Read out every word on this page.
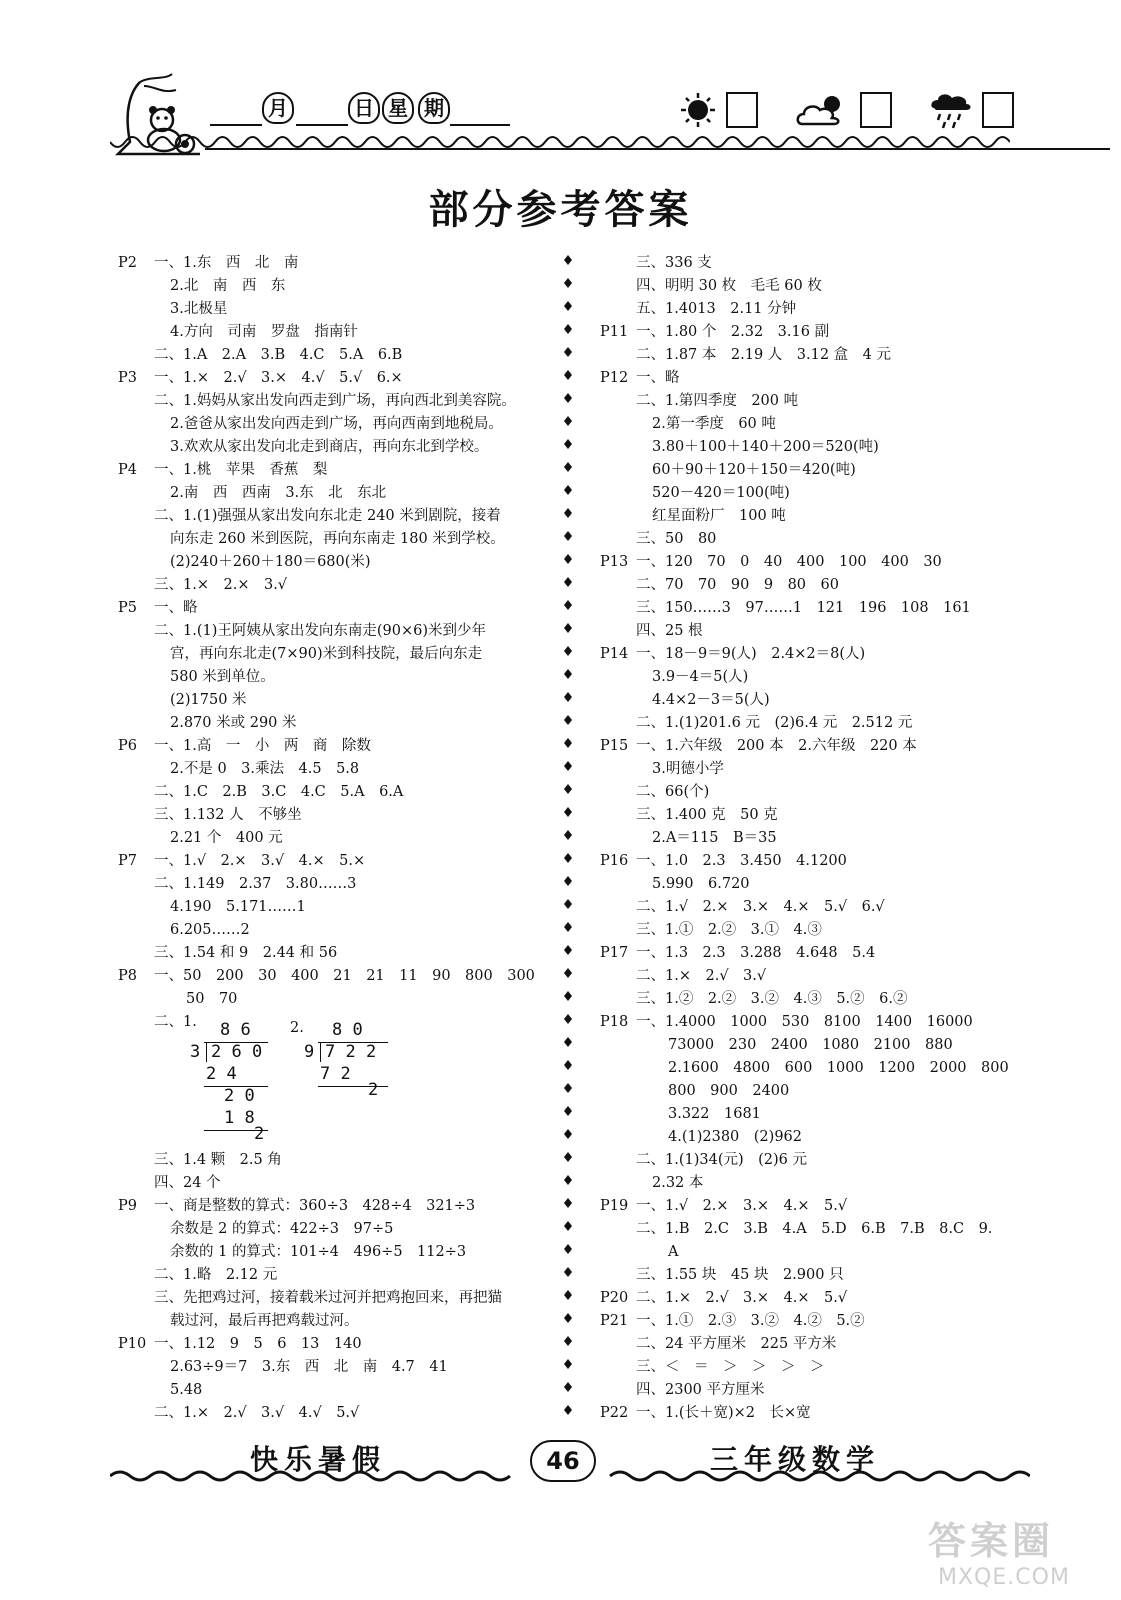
月	日 星 期
部分参考答案
P2 一、1.东　西　北　南
2.北　南　西　东
3.北极星
4.方向　司南　罗盘　指南针
二、1.A　2.A　3.B　4.C　5.A　6.B
P3 一、1.×　2.√　3.×　4.√　5.√　6.×
二、1.妈妈从家出发向西走到广场，再向西北到美容院。
2.爸爸从家出发向西走到广场，再向西南到地税局。
3.欢欢从家出发向北走到商店，再向东北到学校。
P4 一、1.桃　苹果　香蕉　梨
2.南　西　西南　3.东　北　东北
二、1.(1)强强从家出发向东北走 240 米到剧院，接着
向东走 260 米到医院，再向东南走 180 米到学校。
(2)240＋260＋180＝680(米)
三、1.×　2.×　3.√
P5 一、略
二、1.(1)王阿姨从家出发向东南走(90×6)米到少年
宫，再向东北走(7×90)米到科技院，最后向东走
580 米到单位。
(2)1750 米
2.870 米或 290 米
P6 一、1.高　一　小　两　商　除数
2.不是 0　3.乘法　4.5　5.8
二、1.C　2.B　3.C　4.C　5.A　6.A
三、1.132 人　不够坐
2.21 个　400 元
P7 一、1.√　2.×　3.√　4.×　5.×
二、1.149　2.37　3.80……3
4.190　5.171……1
6.205……2
三、1.54 和 9　2.44 和 56
P8 一、50　200　30　400　21　21　11　90　800　300
50　70
二、1.
三、1.4 颗　2.5 角
四、24 个
P9 一、商是整数的算式：360÷3　428÷4　321÷3
余数是 2 的算式：422÷3　97÷5
余数的 1 的算式：101÷4　496÷5　112÷3
二、1.略　2.12 元
三、先把鸡过河，接着载米过河并把鸡抱回来，再把猫
载过河，最后再把鸡载过河。
P10 一、1.12　9　5　6　13　140
2.63÷9＝7　3.东　西　北　南　4.7　41
5.48
二、1.×　2.√　3.√　4.√　5.√
三、336 支
四、明明 30 枚　毛毛 60 枚
五、1.4013　2.11 分钟
P11 一、1.80 个　2.32　3.16 副
二、1.87 本　2.19 人　3.12 盒　4 元
P12 一、略
二、1.第四季度　200 吨
2.第一季度　60 吨
3.80＋100＋140＋200＝520(吨)
60＋90＋120＋150＝420(吨)
520－420＝100(吨)
红星面粉厂　100 吨
三、50　80
P13 一、120　70　0　40　400　100　400　30
二、70　70　90　9　80　60
三、150……3　97……1　121　196　108　161
四、25 根
P14 一、18－9＝9(人)　2.4×2＝8(人)
3.9－4＝5(人)
4.4×2－3＝5(人)
二、1.(1)201.6 元　(2)6.4 元　2.512 元
P15 一、1.六年级　200 本　2.六年级　220 本
3.明德小学
二、66(个)
三、1.400 克　50 克
2.A＝115　B＝35
P16 一、1.0　2.3　3.450　4.1200
5.990　6.720
二、1.√　2.×　3.×　4.×　5.√　6.√
三、1.①　2.②　3.①　4.③
P17 一、1.3　2.3　3.288　4.648　5.4
二、1.×　2.√　3.√
三、1.②　2.②　3.②　4.③　5.②　6.②
P18 一、1.4000　1000　530　8100　1400　16000
73000　230　2400　1080　2100　880
2.1600　4800　600　1000　1200　2000　800
800　900　2400
3.322　1681
4.(1)2380　(2)962
二、1.(1)34(元)　(2)6 元
2.32 本
P19 一、1.√　2.×　3.×　4.×　5.√
二、1.B　2.C　3.B　4.A　5.D　6.B　7.B　8.C　9.
A
三、1.55 块　45 块　2.900 只
P20 二、1.×　2.√　3.×　4.×　5.√
P21 一、1.①　2.③　3.②　4.②　5.②
二、24 平方厘米　225 平方米
三、＜　＝　＞　＞　＞　＞
四、2300 平方厘米
P22 一、1.(长＋宽)×2　长×宽
8 6
3 2 6 0
2 4
2 0
1 8
2
2. 8 0
9 7 2 2
7 2
2
快乐暑假	46	三年级数学
答案圈
MXQE.COM
